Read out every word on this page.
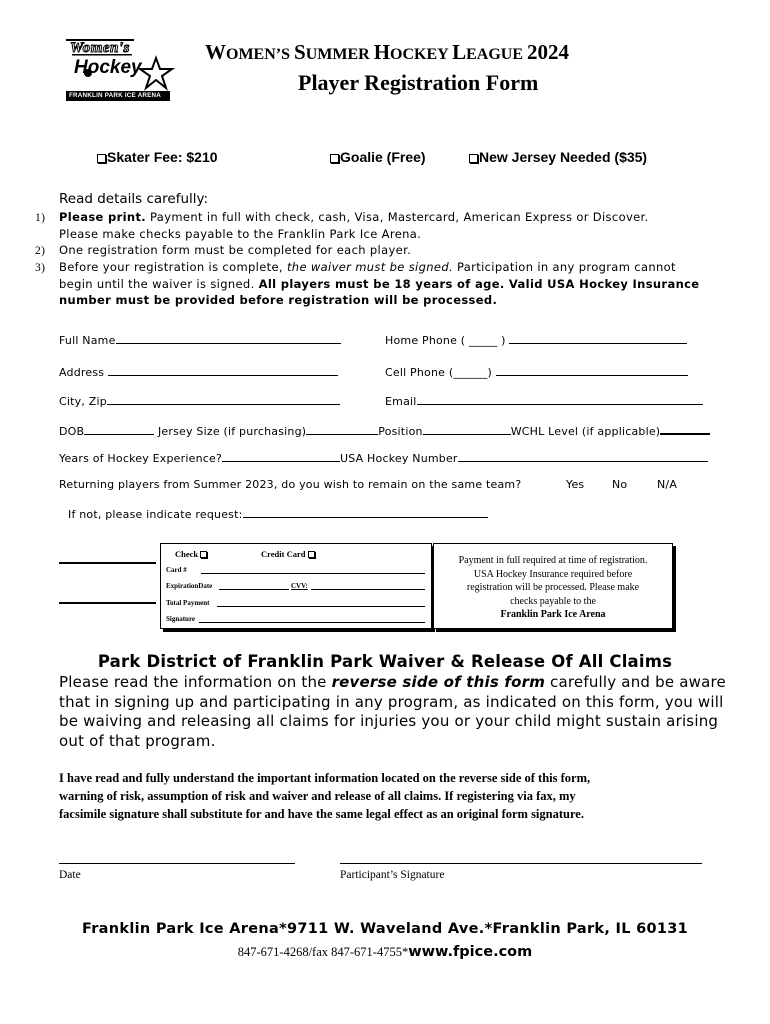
Women's
Hockey
FRANKLIN PARK ICE ARENA
WOMEN’S SUMMER HOCKEY LEAGUE 2024
Player Registration Form
Skater Fee: $210	Goalie (Free)	New Jersey Needed ($35)
Read details carefully:
1) Please print. Payment in full with check, cash, Visa, Mastercard, American Express or Discover.
Please make checks payable to the Franklin Park Ice Arena.
2) One registration form must be completed for each player.
3) Before your registration is complete, the waiver must be signed. Participation in any program cannot
begin until the waiver is signed. All players must be 18 years of age. Valid USA Hockey Insurance
number must be provided before registration will be processed.
Full Name	Home Phone ( _____ )
Address	Cell Phone (______)
City, Zip	Email
DOB	Jersey Size (if purchasing)	Position	WCHL Level (if applicable)
Years of Hockey Experience?	USA Hockey Number
Returning players from Summer 2023, do you wish to remain on the same team?	Yes	No	N/A
If not, please indicate request:
Check	Credit Card
Card #
ExpirationDate	CVV:
Total Payment
Signature
Payment in full required at time of registration.
USA Hockey Insurance required before
registration will be processed. Please make
checks payable to the
Franklin Park Ice Arena
Park District of Franklin Park Waiver & Release Of All Claims
Please read the information on the reverse side of this form carefully and be aware
that in signing up and participating in any program, as indicated on this form, you will
be waiving and releasing all claims for injuries you or your child might sustain arising
out of that program.
I have read and fully understand the important information located on the reverse side of this form,
warning of risk, assumption of risk and waiver and release of all claims. If registering via fax, my
facsimile signature shall substitute for and have the same legal effect as an original form signature.
Date	Participant’s Signature
Franklin Park Ice Arena*9711 W. Waveland Ave.*Franklin Park, IL 60131
847-671-4268/fax 847-671-4755*www.fpice.com
